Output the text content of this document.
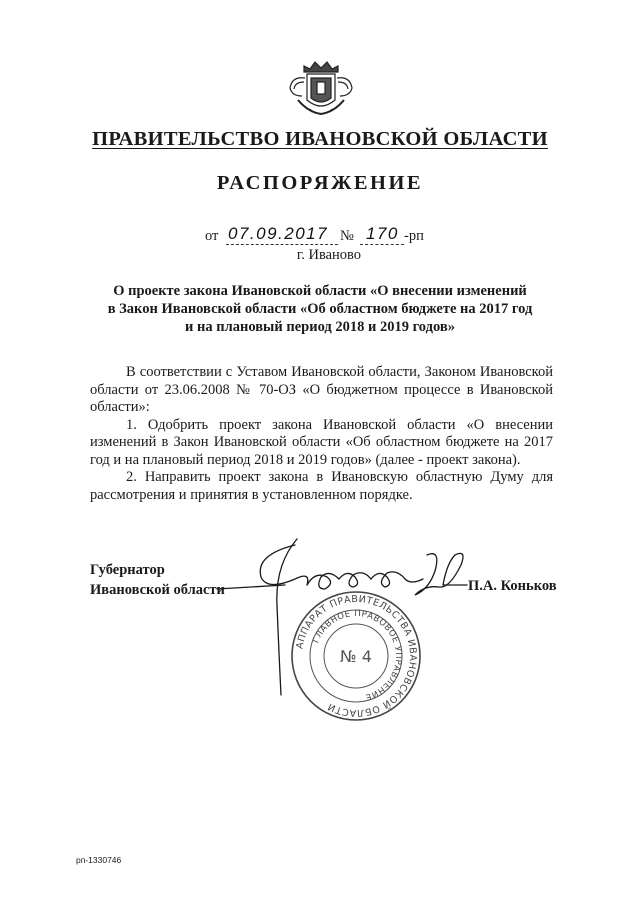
ПРАВИТЕЛЬСТВО ИВАНОВСКОЙ ОБЛАСТИ
РАСПОРЯЖЕНИЕ
от 07.09.2017 № 170 -рп
г. Иваново
О проекте закона Ивановской области «О внесении изменений
в Закон Ивановской области «Об областном бюджете на 2017 год
и на плановый период 2018 и 2019 годов»

В соответствии с Уставом Ивановской области, Законом Ивановской области от 23.06.2008 № 70-ОЗ «О бюджетном процессе в Ивановской области»:

1. Одобрить проект закона Ивановской области «О внесении изменений в Закон Ивановской области «Об областном бюджете на 2017 год и на плановый период 2018 и 2019 годов» (далее - проект закона).

2. Направить проект закона в Ивановскую областную Думу для рассмотрения и принятия в установленном порядке.

Губернатор
Ивановской области
АППАРАТ ПРАВИТЕЛЬСТВА ИВАНОВСКОЙ ОБЛАСТИ
ГЛАВНОЕ ПРАВОВОЕ УПРАВЛЕНИЕ
№ 4
П.А. Коньков
рп-1330746
